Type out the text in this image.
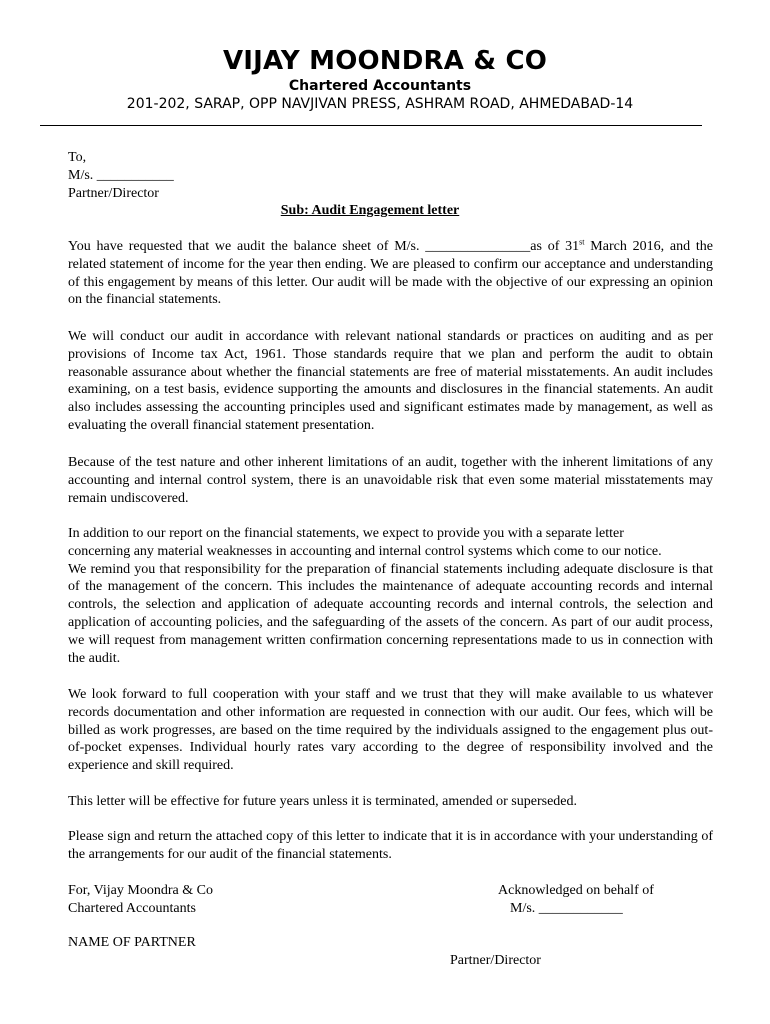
VIJAY MOONDRA & CO
Chartered Accountants
201-202, SARAP, OPP NAVJIVAN PRESS, ASHRAM ROAD, AHMEDABAD-14
To,
M/s. ___________
Partner/Director
Sub: Audit Engagement letter

You have requested that we audit the balance sheet of M/s. _______________as of 31st March 2016, and the related statement of income for the year then ending. We are pleased to confirm our acceptance and understanding of this engagement by means of this letter. Our audit will be made with the objective of our expressing an opinion on the financial statements.

We will conduct our audit in accordance with relevant national standards or practices on auditing and as per provisions of Income tax Act, 1961. Those standards require that we plan and perform the audit to obtain reasonable assurance about whether the financial statements are free of material misstatements. An audit includes examining, on a test basis, evidence supporting the amounts and disclosures in the financial statements. An audit also includes assessing the accounting principles used and significant estimates made by management, as well as evaluating the overall financial statement presentation.

Because of the test nature and other inherent limitations of an audit, together with the inherent limitations of any accounting and internal control system, there is an unavoidable risk that even some material misstatements may remain undiscovered.

In addition to our report on the financial statements, we expect to provide you with a separate letter
concerning any material weaknesses in accounting and internal control systems which come to our notice.

We remind you that responsibility for the preparation of financial statements including adequate disclosure is that of the management of the concern. This includes the maintenance of adequate accounting records and internal controls, the selection and application of adequate accounting records and internal controls, the selection and application of accounting policies, and the safeguarding of the assets of the concern. As part of our audit process, we will request from management written confirmation concerning representations made to us in connection with the audit.

We look forward to full cooperation with your staff and we trust that they will make available to us whatever records documentation and other information are requested in connection with our audit. Our fees, which will be billed as work progresses, are based on the time required by the individuals assigned to the engagement plus out- of-pocket expenses. Individual hourly rates vary according to the degree of responsibility involved and the experience and skill required.

This letter will be effective for future years unless it is terminated, amended or superseded.

Please sign and return the attached copy of this letter to indicate that it is in accordance with your understanding of the arrangements for our audit of the financial statements.

For, Vijay Moondra & Co
Chartered Accountants
Acknowledged on behalf of
M/s. ____________
NAME OF PARTNER
Partner/Director
